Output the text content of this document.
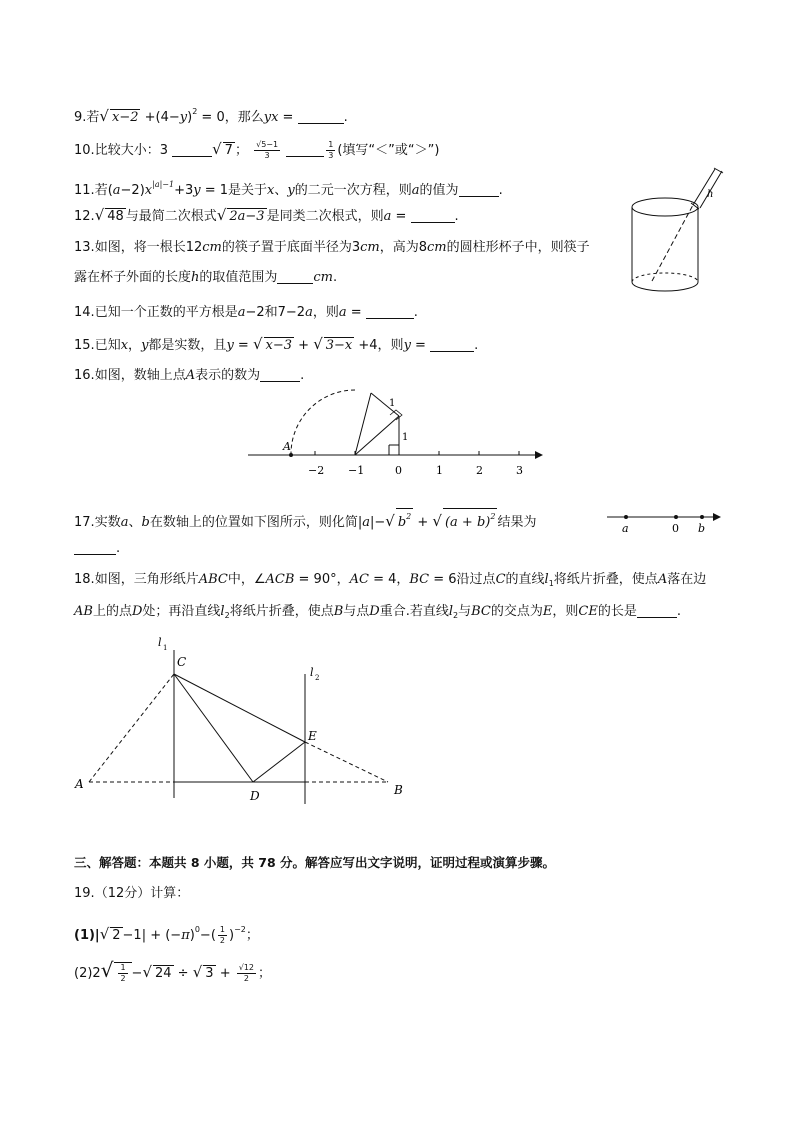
9.若√ $x-2 +(4-y)^2 = 0$，那么yx =	.
10.比较大小：3	√ 7 ； $\frac{√5-1}{3}$
	$\frac{1}{3}$ (填写“＜”或“＞”)
11.若$(a-2)x^{|a|-1}+3y = 1$是关于x、y的二元一次方程，则a的值为	.
12.√ 48 与最简二次根式√ 2a−3 是同类二次根式，则a =	.
13.如图，将一根长12cm的筷子置于底面半径为3cm，高为8cm的圆柱形杯子中，则筷子
露在杯子外面的长度h的取值范围为	cm.
h
14.已知一个正数的平方根是a−2和7−2a，则a =	.
15.已知x，y都是实数，且y = √ x−3 + √ 3−x +4，则y =	.
16.如图，数轴上点A表示的数为	.
−2 −1	0	1	2	3
A
1
1
17.实数a、b在数轴上的位置如下图所示，则化简|a|−√ $b^2$ + √ $(a + b)^2$ 结果为
.
a	0 b
18.如图，三角形纸片ABC中，∠ACB = 90°，AC = 4，BC = 6沿过点C的直线$l_1$将纸片折叠，使点A落在边
AB上的点D处；再沿直线$l_2$将纸片折叠，使点B与点D重合.若直线$l_2$与BC的交点为E，则CE的长是	.
l 1
l 2
C
E
A
D	B
三、解答题：本题共 8 小题，共 78 分。解答应写出文字说明，证明过程或演算步骤。
19.（12分）计算：
(1)|√ $2 -1| + (-\pi)^0-( \frac{1}{2} )^{-2}$；
$(2)2√ \frac{1}{2}$ −√ 24 ÷ √ $3 + \frac{√12}{2}$ ；
